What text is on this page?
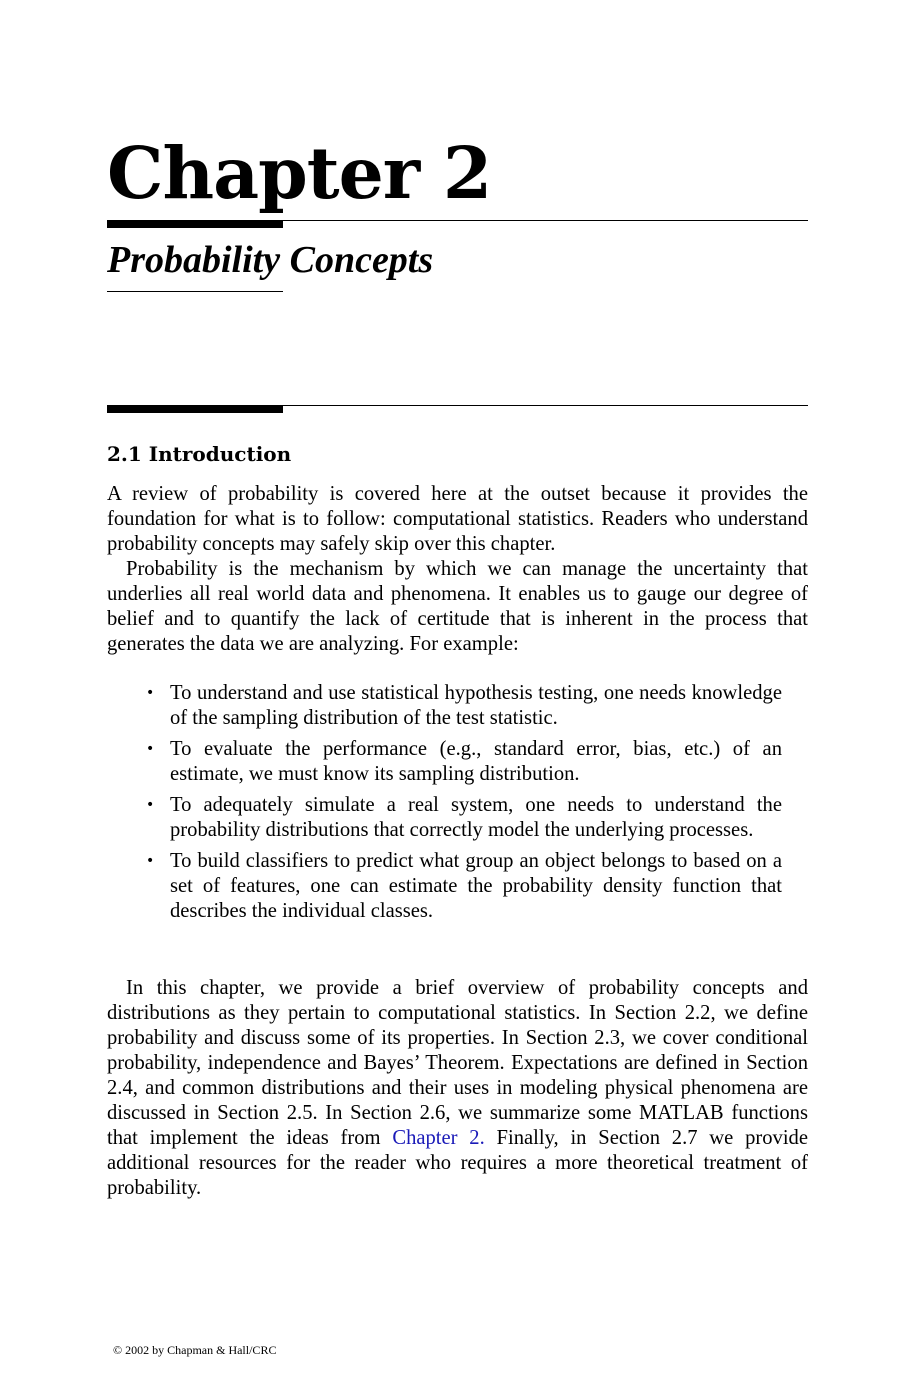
Chapter 2
Probability Concepts
2.1 Introduction

A review of probability is covered here at the outset because it provides the foundation for what is to follow: computational statistics. Readers who understand probability concepts may safely skip over this chapter.

Probability is the mechanism by which we can manage the uncertainty that underlies all real world data and phenomena. It enables us to gauge our degree of belief and to quantify the lack of certitude that is inherent in the process that generates the data we are analyzing. For example:

• To understand and use statistical hypothesis testing, one needs knowledge of the sampling distribution of the test statistic.
• To evaluate the performance (e.g., standard error, bias, etc.) of an estimate, we must know its sampling distribution.
• To adequately simulate a real system, one needs to understand the probability distributions that correctly model the underlying processes.
• To build classifiers to predict what group an object belongs to based on a set of features, one can estimate the probability density function that describes the individual classes.

In this chapter, we provide a brief overview of probability concepts and distributions as they pertain to computational statistics. In Section 2.2, we define probability and discuss some of its properties. In Section 2.3, we cover conditional probability, independence and Bayes’ Theorem. Expectations are defined in Section 2.4, and common distributions and their uses in modeling physical phenomena are discussed in Section 2.5. In Section 2.6, we summarize some MATLAB functions that implement the ideas from Chapter 2. Finally, in Section 2.7 we provide additional resources for the reader who requires a more theoretical treatment of probability.

© 2002 by Chapman & Hall/CRC
